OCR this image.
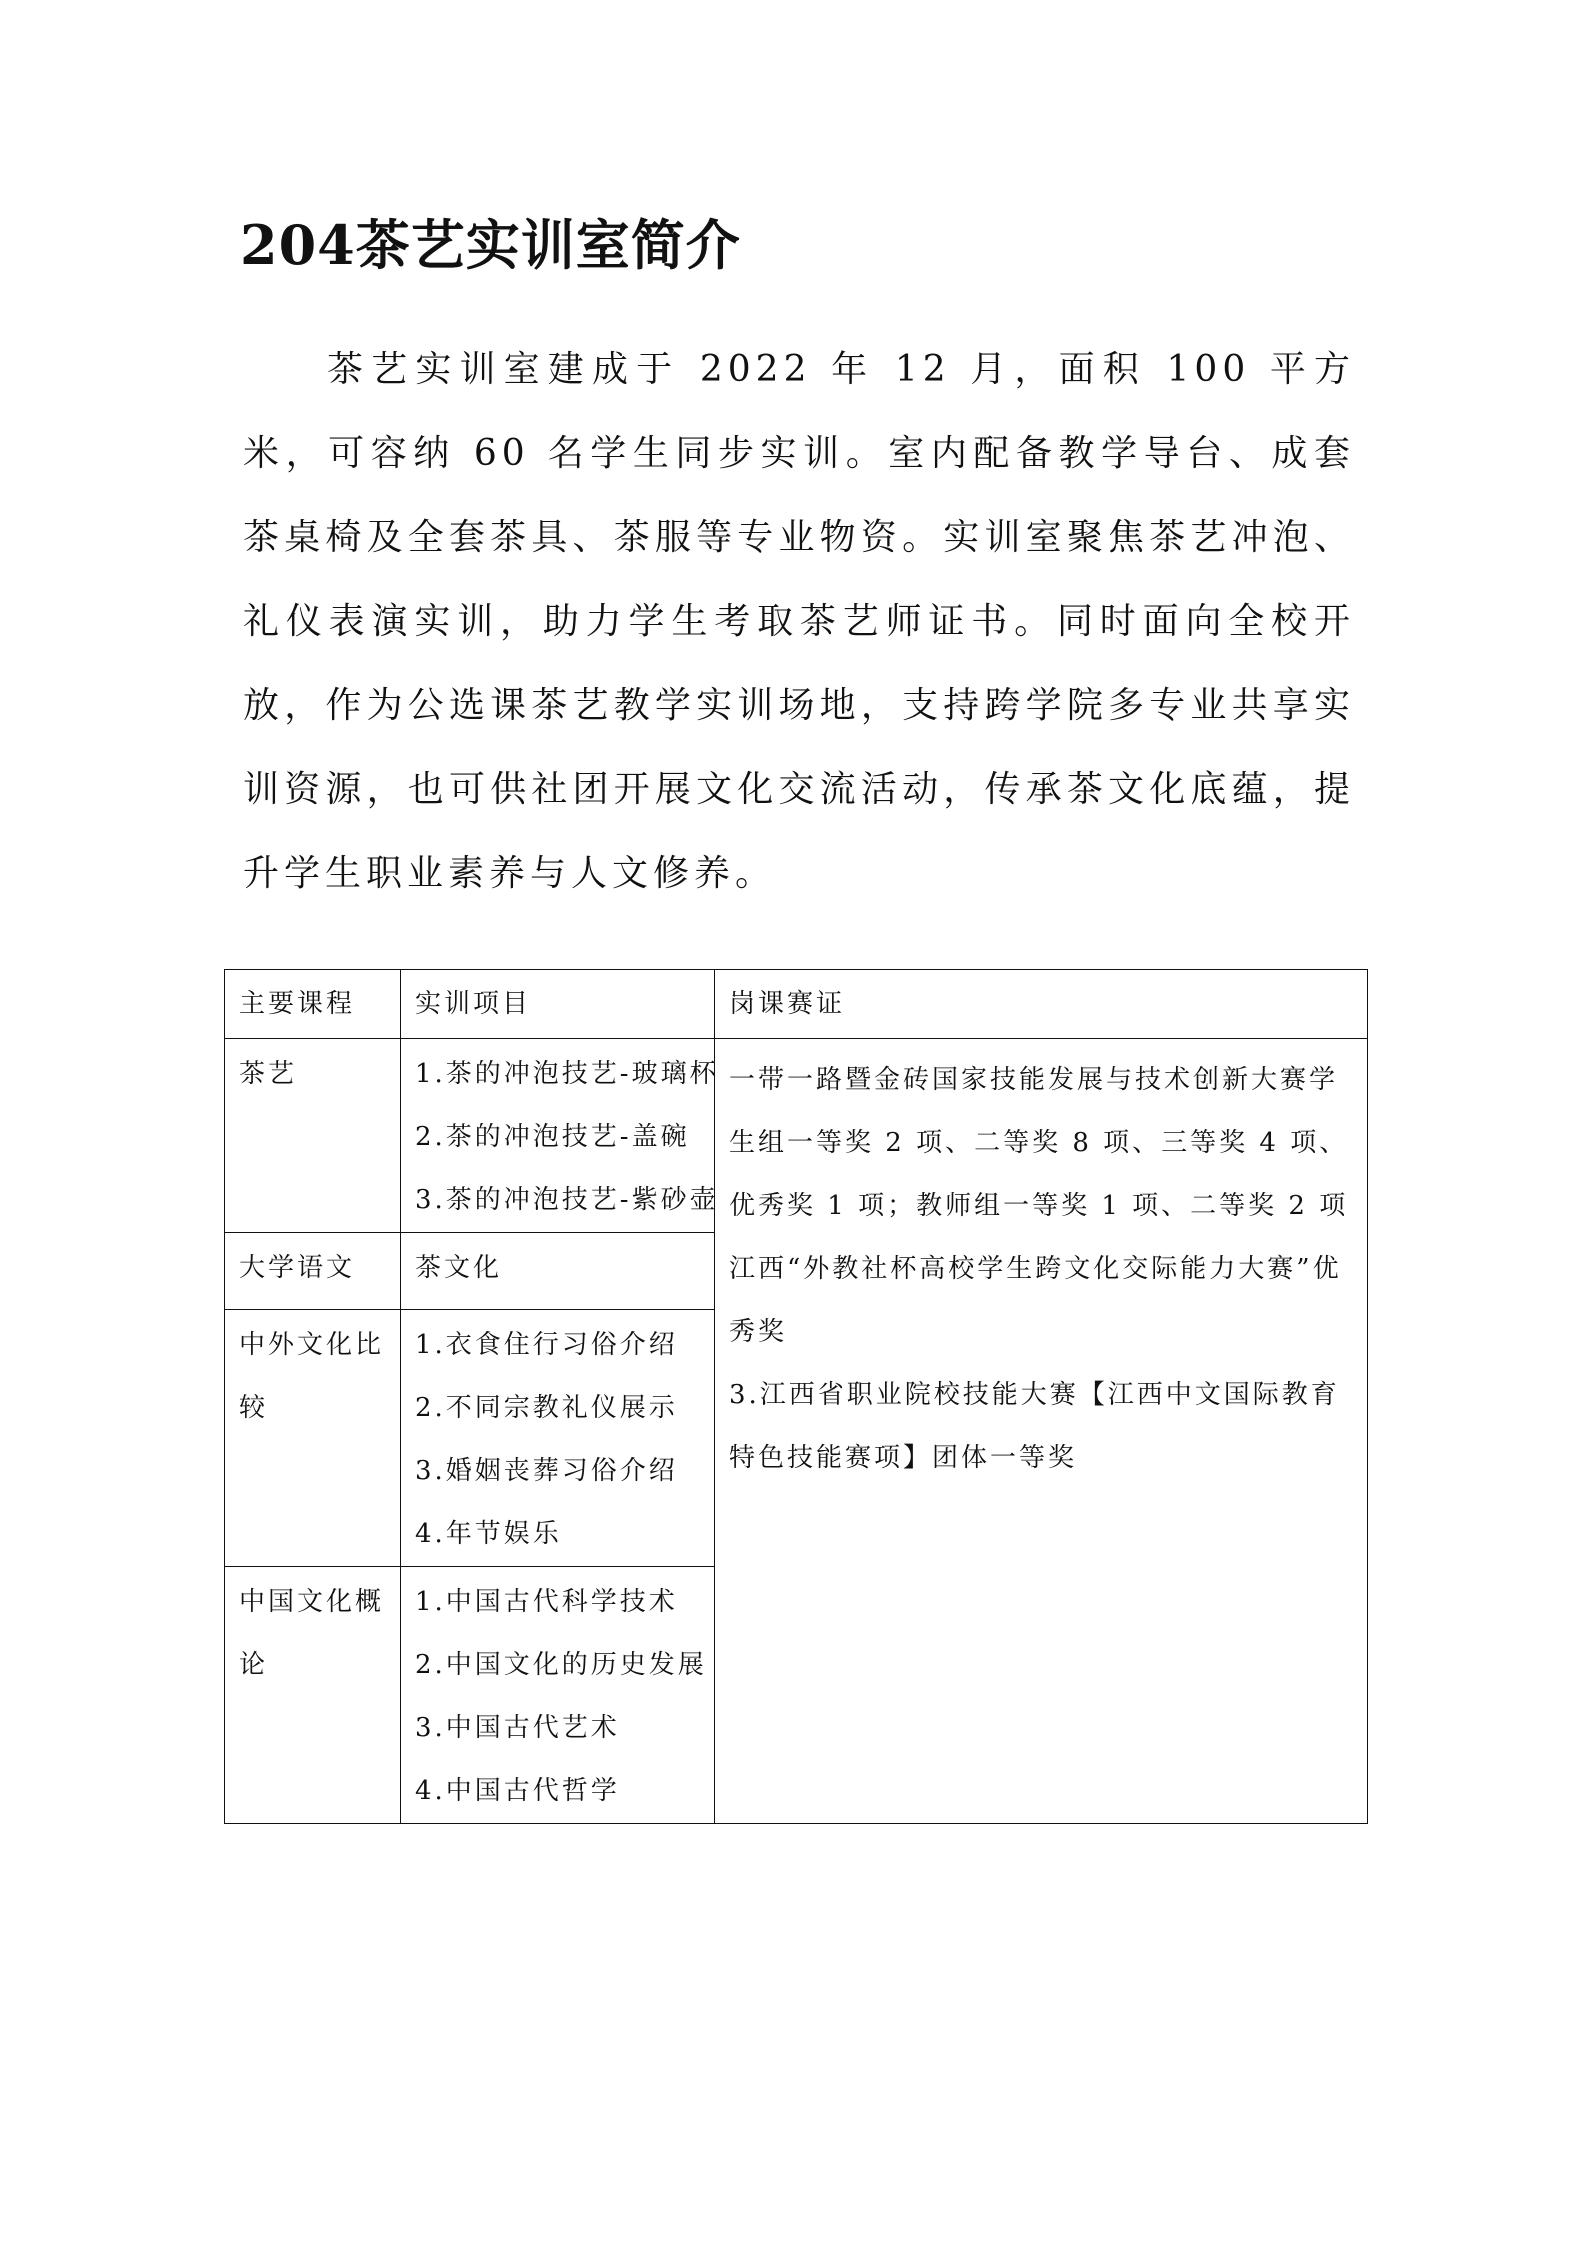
204茶艺实训室简介

茶艺实训室建成于 2022 年 12 月，面积 100 平方米，可容纳 60 名学生同步实训。室内配备教学导台、成套茶桌椅及全套茶具、茶服等专业物资。实训室聚焦茶艺冲泡、礼仪表演实训，助力学生考取茶艺师证书。同时面向全校开放，作为公选课茶艺教学实训场地，支持跨学院多专业共享实训资源，也可供社团开展文化交流活动，传承茶文化底蕴，提升学生职业素养与人文修养。

主要课程	实训项目	岗课赛证
茶艺	1.茶的冲泡技艺-玻璃杯
2.茶的冲泡技艺-盖碗
3.茶的冲泡技艺-紫砂壶	一带一路暨金砖国家技能发展与技术创新大赛学生组一等奖 2 项、二等奖 8 项、三等奖 4 项、优秀奖 1 项；教师组一等奖 1 项、二等奖 2 项
江西“外教社杯高校学生跨文化交际能力大赛”优秀奖
3.江西省职业院校技能大赛【江西中文国际教育特色技能赛项】团体一等奖

大学语文	茶文化	

中外文化比较	1.衣食住行习俗介绍
2.不同宗教礼仪展示
3.婚姻丧葬习俗介绍
4.年节娱乐	

中国文化概论	1.中国古代科学技术
2.中国文化的历史发展
3.中国古代艺术
4.中国古代哲学	
